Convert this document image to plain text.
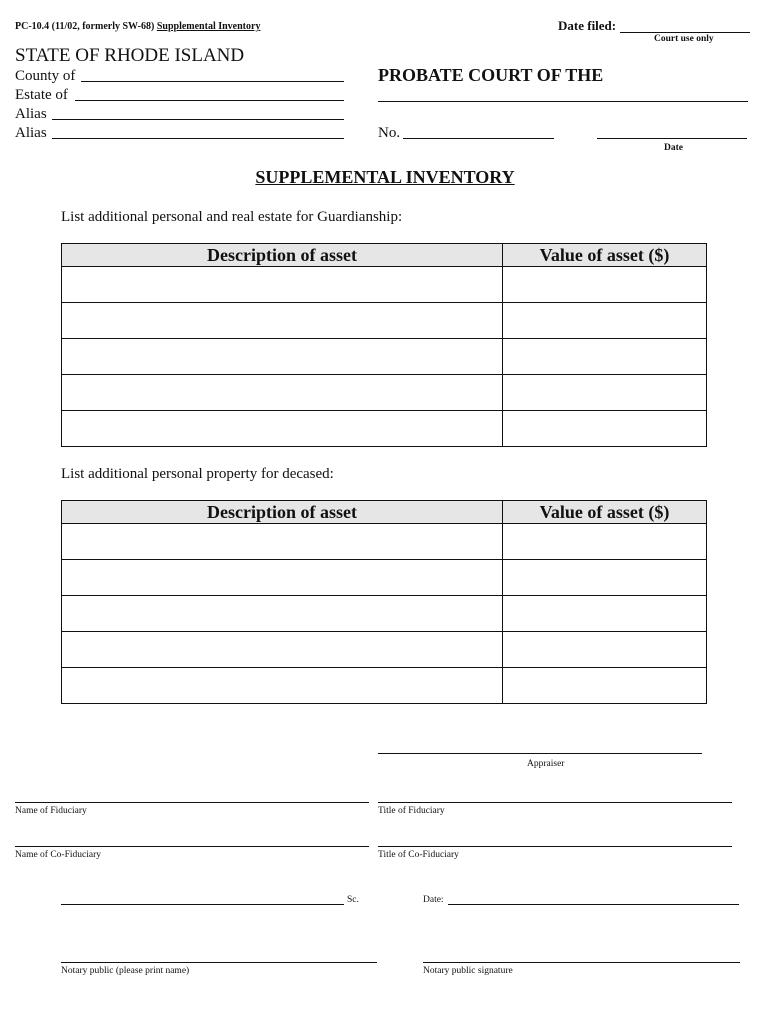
PC-10.4 (11/02, formerly SW-68) Supplemental Inventory	Date filed:
Court use only
STATE OF RHODE ISLAND
County of
Estate of
Alias
Alias
PROBATE COURT OF THE
No.
Date
SUPPLEMENTAL INVENTORY
List additional personal and real estate for Guardianship:
Description of asset	Value of asset ($)

List additional personal property for decased:
Description of asset	Value of asset ($)

Appraiser
Name of Fiduciary	Title of Fiduciary
Name of Co-Fiduciary	Title of Co-Fiduciary
Sc.	Date:
Notary public (please print name)	Notary public signature
